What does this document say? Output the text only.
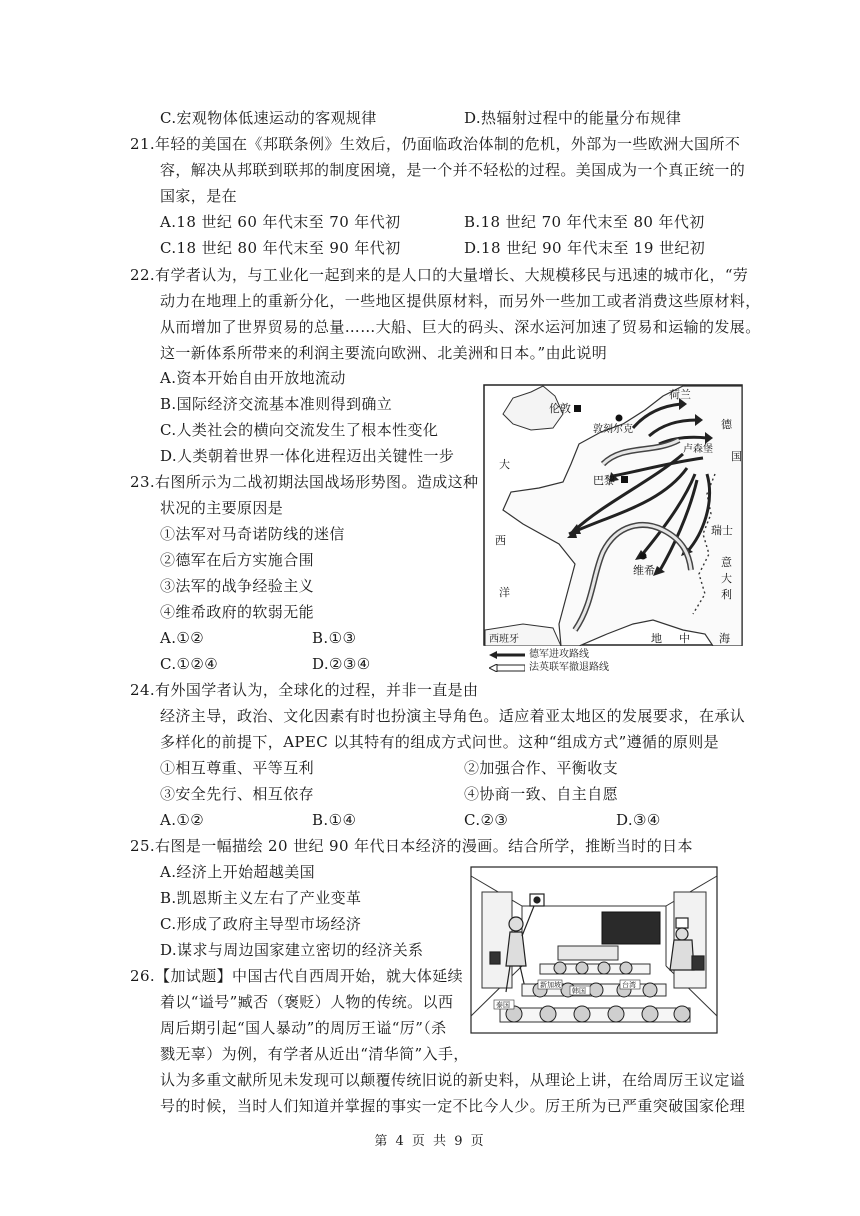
C.宏观物体低速运动的客观规律	D.热辐射过程中的能量分布规律
21.年轻的美国在《邦联条例》生效后，仍面临政治体制的危机，外部为一些欧洲大国所不
容，解决从邦联到联邦的制度困境，是一个并不轻松的过程。美国成为一个真正统一的
国家，是在
A.18 世纪 60 年代末至 70 年代初	B.18 世纪 70 年代末至 80 年代初
C.18 世纪 80 年代末至 90 年代初	D.18 世纪 90 年代末至 19 世纪初
22.有学者认为，与工业化一起到来的是人口的大量增长、大规模移民与迅速的城市化，“劳
动力在地理上的重新分化，一些地区提供原材料，而另外一些加工或者消费这些原材料，
从而增加了世界贸易的总量……大船、巨大的码头、深水运河加速了贸易和运输的发展。
这一新体系所带来的利润主要流向欧洲、北美洲和日本。”由此说明
A.资本开始自由开放地流动
B.国际经济交流基本准则得到确立
C.人类社会的横向交流发生了根本性变化
D.人类朝着世界一体化进程迈出关键性一步
23.右图所示为二战初期法国战场形势图。造成这种
状况的主要原因是
①法军对马奇诺防线的迷信
②德军在后方实施合围
③法军的战争经验主义
④维希政府的软弱无能
A.①②	B.①③
C.①②④	D.②③④
荷兰
伦敦
敦刻尔克	德
国
卢森堡
大
西
洋
巴黎
瑞士
维希
意
大
利
西班牙	地 中	海
德军进攻路线
法英联军撤退路线
24.有外国学者认为，全球化的过程，并非一直是由
经济主导，政治、文化因素有时也扮演主导角色。适应着亚太地区的发展要求，在承认
多样化的前提下，APEC 以其特有的组成方式问世。这种“组成方式”遵循的原则是
①相互尊重、平等互利	②加强合作、平衡收支
③安全先行、相互依存	④协商一致、自主自愿
A.①②	B.①④	C.②③	D.③④
25.右图是一幅描绘 20 世纪 90 年代日本经济的漫画。结合所学，推断当时的日本
A.经济上开始超越美国
B.凯恩斯主义左右了产业变革
C.形成了政府主导型市场经济
D.谋求与周边国家建立密切的经济关系
新加坡
韩国
台湾
泰国
26.【加试题】中国古代自西周开始，就大体延续
着以“谥号”臧否（褒贬）人物的传统。以西
周后期引起“国人暴动”的周厉王谥“厉”（杀
戮无辜）为例，有学者从近出“清华简”入手，
认为多重文献所见未发现可以颠覆传统旧说的新史料，从理论上讲，在给周厉王议定谥
号的时候，当时人们知道并掌握的事实一定不比今人少。厉王所为已严重突破国家伦理
第 4 页 共 9 页
